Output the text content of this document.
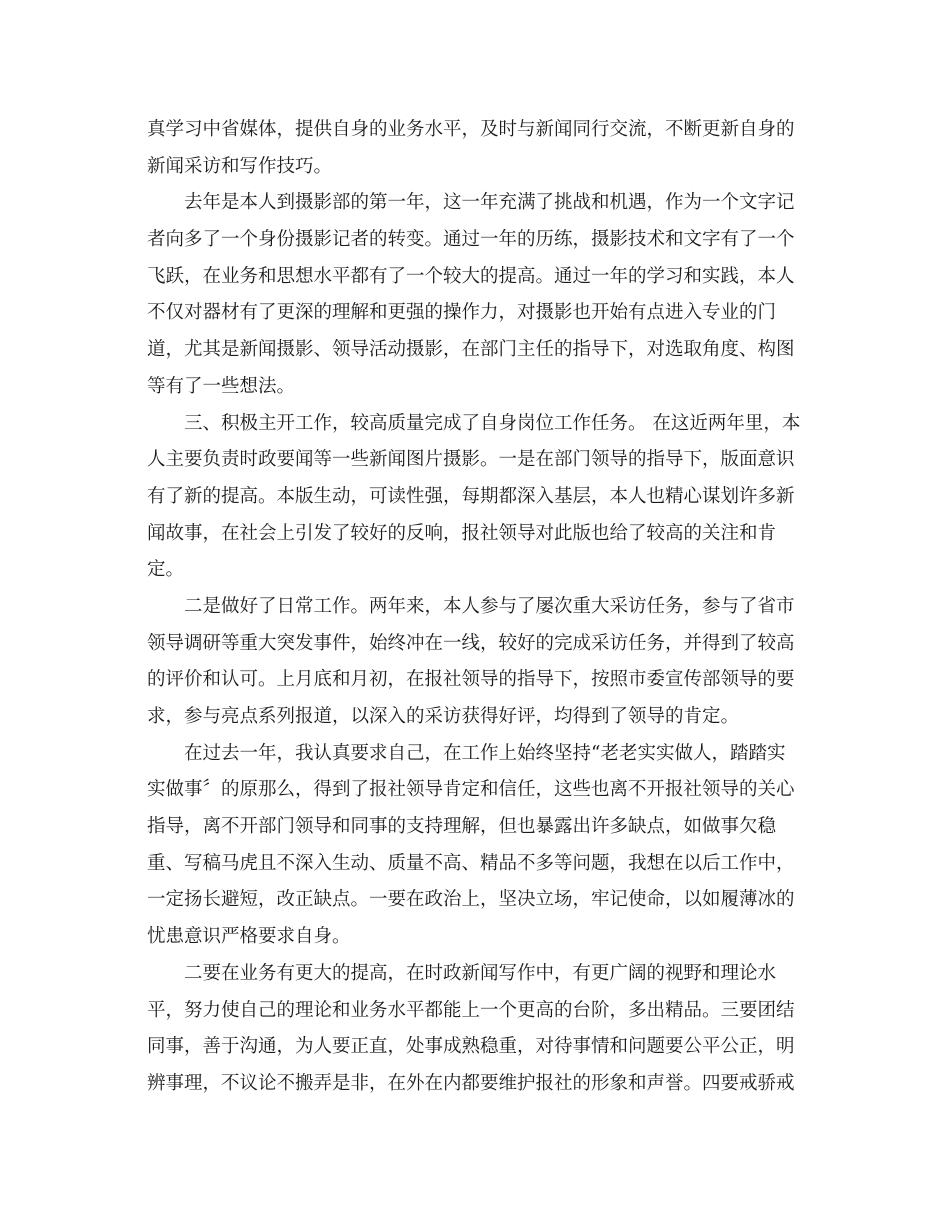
真学习中省媒体，提供自身的业务水平，及时与新闻同行交流，不断更新自身的
新闻采访和写作技巧。
去年是本人到摄影部的第一年，这一年充满了挑战和机遇，作为一个文字记
者向多了一个身份摄影记者的转变。通过一年的历练，摄影技术和文字有了一个
飞跃，在业务和思想水平都有了一个较大的提高。通过一年的学习和实践，本人
不仅对器材有了更深的理解和更强的操作力，对摄影也开始有点进入专业的门
道，尤其是新闻摄影、领导活动摄影，在部门主任的指导下，对选取角度、构图
等有了一些想法。
三、积极主开工作，较高质量完成了自身岗位工作任务。 在这近两年里，本
人主要负责时政要闻等一些新闻图片摄影。一是在部门领导的指导下，版面意识
有了新的提高。本版生动，可读性强，每期都深入基层，本人也精心谋划许多新
闻故事，在社会上引发了较好的反响，报社领导对此版也给了较高的关注和肯
定。
二是做好了日常工作。两年来，本人参与了屡次重大采访任务，参与了省市
领导调研等重大突发事件，始终冲在一线，较好的完成采访任务，并得到了较高
的评价和认可。上月底和月初，在报社领导的指导下，按照市委宣传部领导的要
求，参与亮点系列报道，以深入的采访获得好评，均得到了领导的肯定。
在过去一年，我认真要求自己，在工作上始终坚持“老老实实做人，踏踏实
实做事〞的原那么，得到了报社领导肯定和信任，这些也离不开报社领导的关心
指导，离不开部门领导和同事的支持理解，但也暴露出许多缺点，如做事欠稳
重、写稿马虎且不深入生动、质量不高、精品不多等问题，我想在以后工作中，
一定扬长避短，改正缺点。一要在政治上，坚决立场，牢记使命，以如履薄冰的
忧患意识严格要求自身。
二要在业务有更大的提高，在时政新闻写作中，有更广阔的视野和理论水
平，努力使自己的理论和业务水平都能上一个更高的台阶，多出精品。三要团结
同事，善于沟通，为人要正直，处事成熟稳重，对待事情和问题要公平公正，明
辨事理，不议论不搬弄是非，在外在内都要维护报社的形象和声誉。四要戒骄戒
